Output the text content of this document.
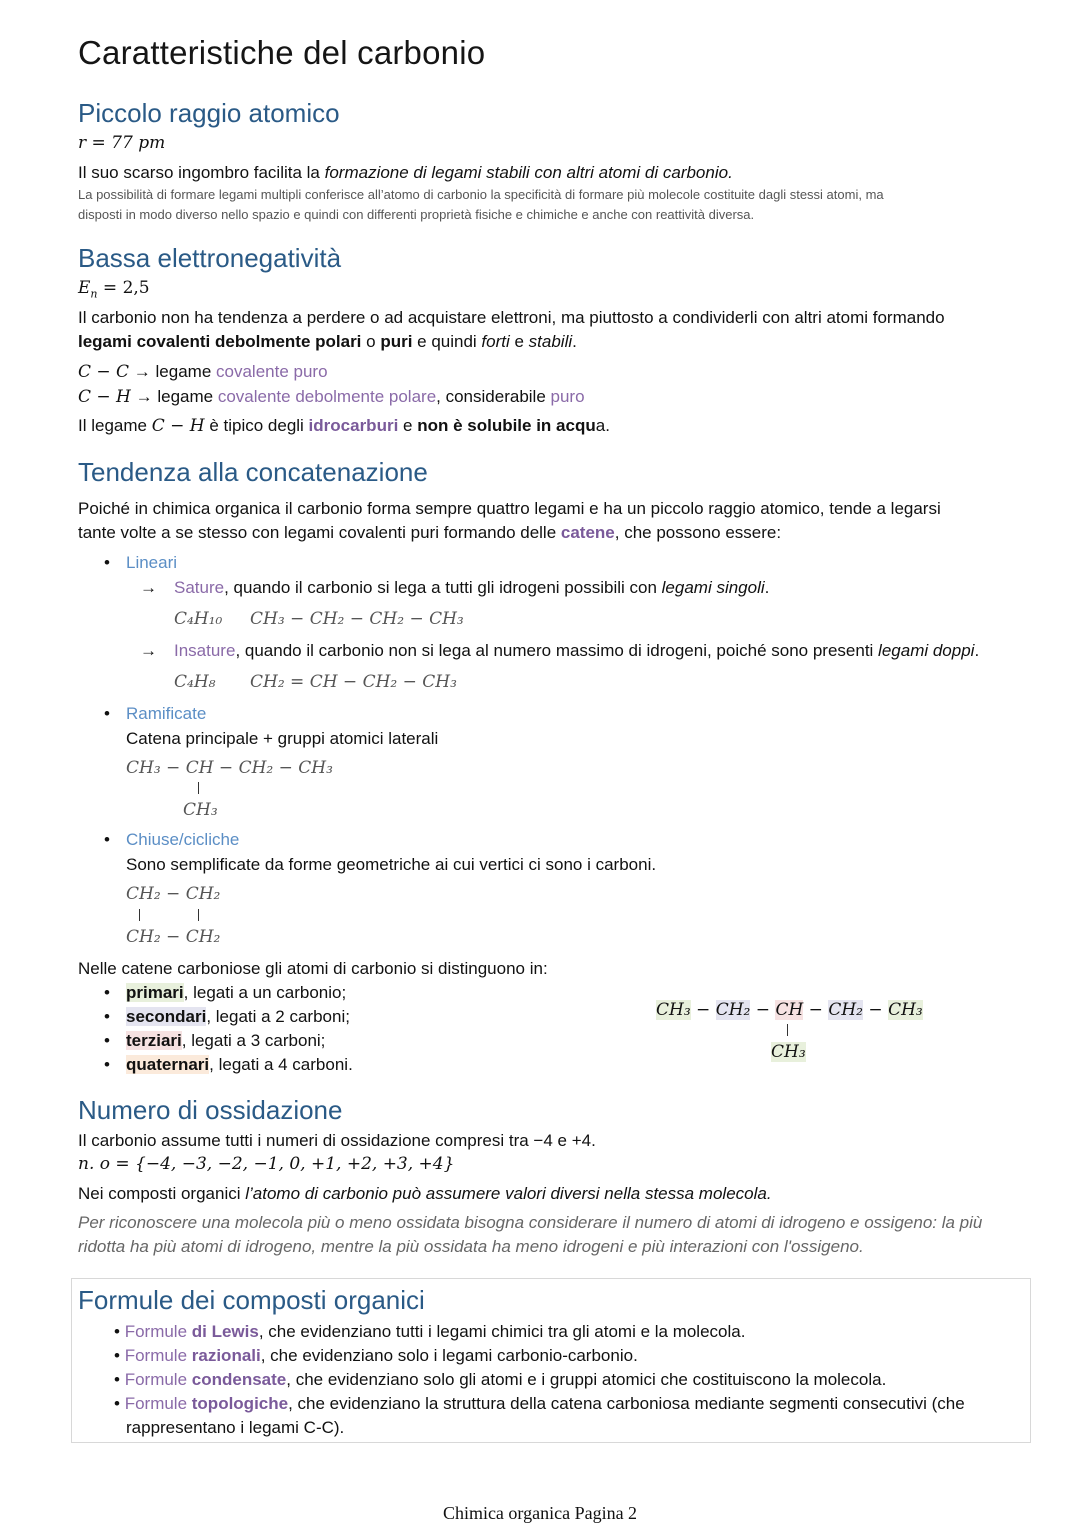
Caratteristiche del carbonio
Piccolo raggio atomico
r = 77 pm
Il suo scarso ingombro facilita la formazione di legami stabili con altri atomi di carbonio.
La possibilità di formare legami multipli conferisce all’atomo di carbonio la specificità di formare più molecole costituite dagli stessi atomi, ma
disposti in modo diverso nello spazio e quindi con differenti proprietà fisiche e chimiche e anche con reattività diversa.
Bassa elettronegatività
$E_n = 2,5$
Il carbonio non ha tendenza a perdere o ad acquistare elettroni, ma piuttosto a condividerli con altri atomi formando
legami covalenti debolmente polari o puri e quindi forti e stabili.
C − C → legame covalente puro
C − H → legame covalente debolmente polare, considerabile puro
Il legame C − H è tipico degli idrocarburi e non è solubile in acqua.
Tendenza alla concatenazione
Poiché in chimica organica il carbonio forma sempre quattro legami e ha un piccolo raggio atomico, tende a legarsi
tante volte a se stesso con legami covalenti puri formando delle catene, che possono essere:
• Lineari
→ Sature, quando il carbonio si lega a tutti gli idrogeni possibili con legami singoli.
C₄H₁₀ CH₃ − CH₂ − CH₂ − CH₃
→ Insature, quando il carbonio non si lega al numero massimo di idrogeni, poiché sono presenti legami doppi.
C₄H₈ CH₂ = CH − CH₂ − CH₃
• Ramificate
Catena principale + gruppi atomici laterali
CH₃ − CH − CH₂ − CH₃
CH₃
• Chiuse/cicliche
Sono semplificate da forme geometriche ai cui vertici ci sono i carboni.
CH₂ − CH₂
CH₂ − CH₂
Nelle catene carboniose gli atomi di carbonio si distinguono in:
• primari, legati a un carbonio;
• secondari, legati a 2 carboni;
• terziari, legati a 3 carboni;
• quaternari, legati a 4 carboni.
CH₃ − CH₂ − CH − CH₂ − CH₃
CH₃
Numero di ossidazione
Il carbonio assume tutti i numeri di ossidazione compresi tra −4 e +4.
n. o = {−4, −3, −2, −1, 0, +1, +2, +3, +4}
Nei composti organici l’atomo di carbonio può assumere valori diversi nella stessa molecola.
Per riconoscere una molecola più o meno ossidata bisogna considerare il numero di atomi di idrogeno e ossigeno: la più
ridotta ha più atomi di idrogeno, mentre la più ossidata ha meno idrogeni e più interazioni con l'ossigeno.
Formule dei composti organici
• Formule di Lewis, che evidenziano tutti i legami chimici tra gli atomi e la molecola.
• Formule razionali, che evidenziano solo i legami carbonio-carbonio.
• Formule condensate, che evidenziano solo gli atomi e i gruppi atomici che costituiscono la molecola.
• Formule topologiche, che evidenziano la struttura della catena carboniosa mediante segmenti consecutivi (che
rappresentano i legami C-C).
Chimica organica Pagina 2
